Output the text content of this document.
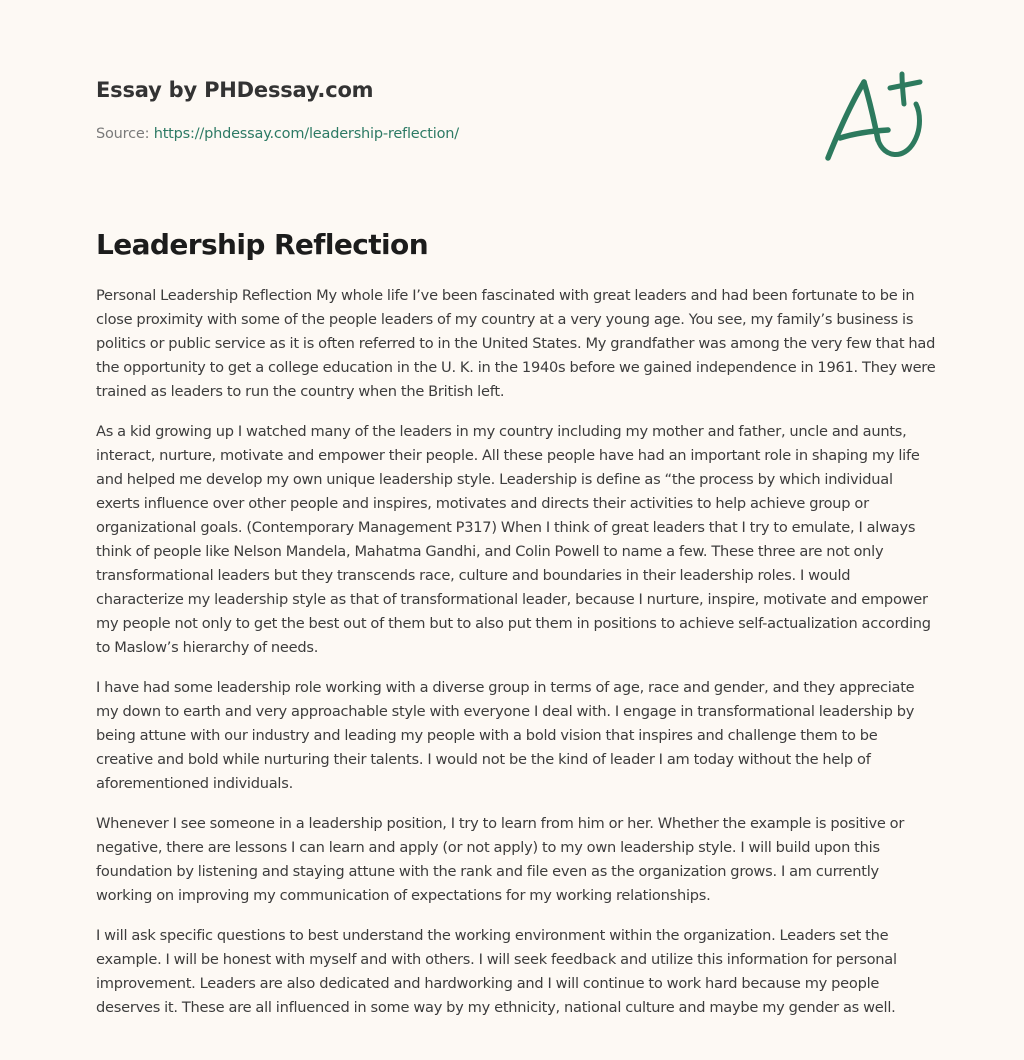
Essay by PHDessay.com
Source: https://phdessay.com/leadership-reflection/
Leadership Reflection

Personal Leadership Reflection My whole life I’ve been fascinated with great leaders and had been fortunate to be in close proximity with some of the people leaders of my country at a very young age. You see, my family’s business is politics or public service as it is often referred to in the United States. My grandfather was among the very few that had the opportunity to get a college education in the U. K. in the 1940s before we gained independence in 1961. They were trained as leaders to run the country when the British left.

As a kid growing up I watched many of the leaders in my country including my mother and father, uncle and aunts, interact, nurture, motivate and empower their people. All these people have had an important role in shaping my life and helped me develop my own unique leadership style. Leadership is define as “the process by which individual exerts influence over other people and inspires, motivates and directs their activities to help achieve group or organizational goals. (Contemporary Management P317) When I think of great leaders that I try to emulate, I always think of people like Nelson Mandela, Mahatma Gandhi, and Colin Powell to name a few. These three are not only transformational leaders but they transcends race, culture and boundaries in their leadership roles. I would characterize my leadership style as that of transformational leader, because I nurture, inspire, motivate and empower my people not only to get the best out of them but to also put them in positions to achieve self-actualization according to Maslow’s hierarchy of needs.

I have had some leadership role working with a diverse group in terms of age, race and gender, and they appreciate my down to earth and very approachable style with everyone I deal with. I engage in transformational leadership by being attune with our industry and leading my people with a bold vision that inspires and challenge them to be creative and bold while nurturing their talents. I would not be the kind of leader I am today without the help of aforementioned individuals.

Whenever I see someone in a leadership position, I try to learn from him or her. Whether the example is positive or negative, there are lessons I can learn and apply (or not apply) to my own leadership style. I will build upon this foundation by listening and staying attune with the rank and file even as the organization grows. I am currently working on improving my communication of expectations for my working relationships.

I will ask specific questions to best understand the working environment within the organization. Leaders set the example. I will be honest with myself and with others. I will seek feedback and utilize this information for personal improvement. Leaders are also dedicated and hardworking and I will continue to work hard because my people deserves it. These are all influenced in some way by my ethnicity, national culture and maybe my gender as well.
